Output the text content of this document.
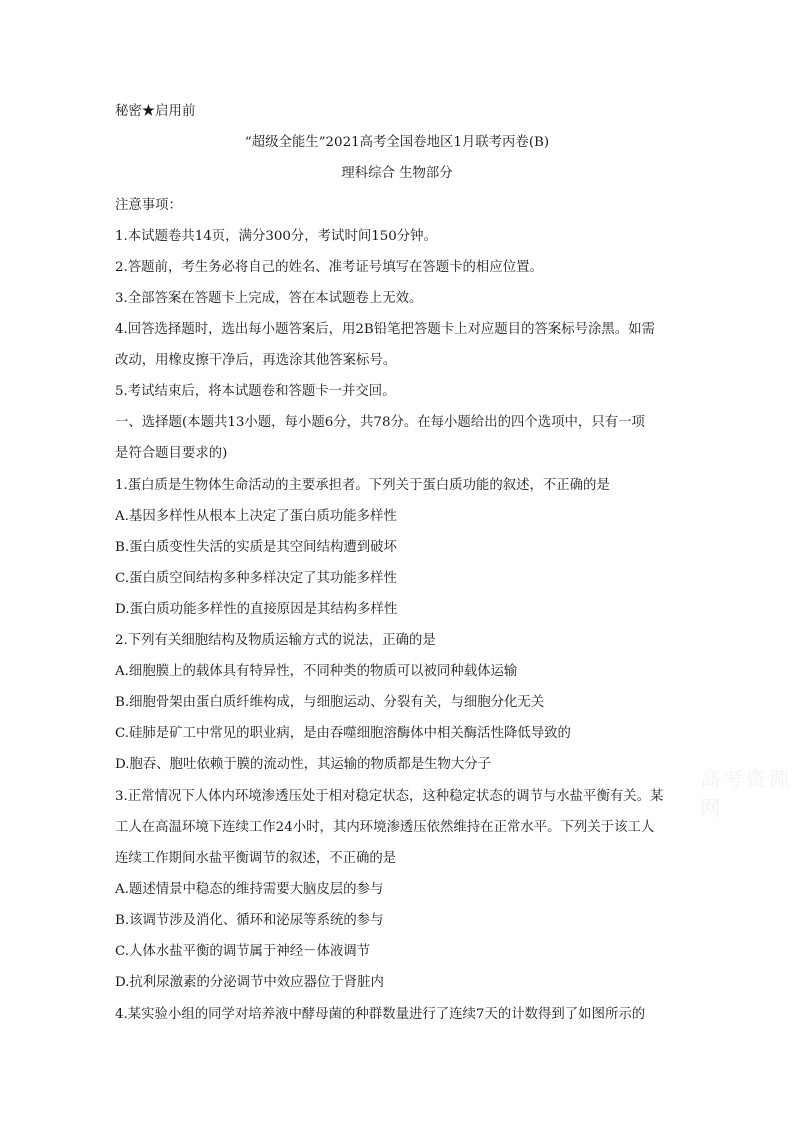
秘密★启用前
“超级全能生”2021高考全国卷地区1月联考丙卷(B)
理科综合 生物部分
注意事项：
1.本试题卷共14页，满分300分，考试时间150分钟。
2.答题前，考生务必将自己的姓名、准考证号填写在答题卡的相应位置。
3.全部答案在答题卡上完成，答在本试题卷上无效。
4.回答选择题时，选出每小题答案后，用2B铅笔把答题卡上对应题目的答案标号涂黑。如需
改动，用橡皮擦干净后，再选涂其他答案标号。
5.考试结束后，将本试题卷和答题卡一并交回。
一、选择题(本题共13小题，每小题6分，共78分。在每小题给出的四个选项中，只有一项
是符合题目要求的)
1.蛋白质是生物体生命活动的主要承担者。下列关于蛋白质功能的叙述，不正确的是
A.基因多样性从根本上决定了蛋白质功能多样性
B.蛋白质变性失活的实质是其空间结构遭到破坏
C.蛋白质空间结构多种多样决定了其功能多样性
D.蛋白质功能多样性的直接原因是其结构多样性
2.下列有关细胞结构及物质运输方式的说法，正确的是
A.细胞膜上的载体具有特异性，不同种类的物质可以被同种载体运输
B.细胞骨架由蛋白质纤维构成，与细胞运动、分裂有关，与细胞分化无关
C.硅肺是矿工中常见的职业病，是由吞噬细胞溶酶体中相关酶活性降低导致的
D.胞吞、胞吐依赖于膜的流动性，其运输的物质都是生物大分子
3.正常情况下人体内环境渗透压处于相对稳定状态，这种稳定状态的调节与水盐平衡有关。某
工人在高温环境下连续工作24小时，其内环境渗透压依然维持在正常水平。下列关于该工人
连续工作期间水盐平衡调节的叙述，不正确的是
A.题述情景中稳态的维持需要大脑皮层的参与
B.该调节涉及消化、循环和泌尿等系统的参与
C.人体水盐平衡的调节属于神经－体液调节
D.抗利尿激素的分泌调节中效应器位于肾脏内
4.某实验小组的同学对培养液中酵母菌的种群数量进行了连续7天的计数得到了如图所示的
高考资源网
